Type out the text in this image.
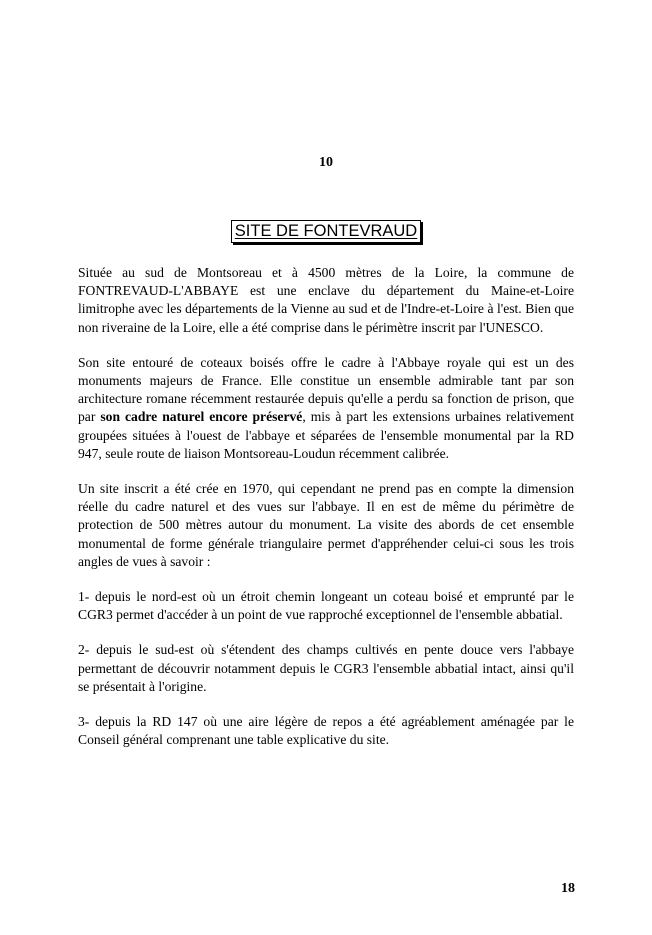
10
SITE DE FONTEVRAUD

Située au sud de Montsoreau et à 4500 mètres de la Loire, la commune de FONTREVAUD-L'ABBAYE est une enclave du département du Maine-et-Loire limitrophe avec les départements de la Vienne au sud et de l'Indre-et-Loire à l'est. Bien que non riveraine de la Loire, elle a été comprise dans le périmètre inscrit par l'UNESCO.

Son site entouré de coteaux boisés offre le cadre à l'Abbaye royale qui est un des monuments majeurs de France. Elle constitue un ensemble admirable tant par son architecture romane récemment restaurée depuis qu'elle a perdu sa fonction de prison, que par son cadre naturel encore préservé, mis à part les extensions urbaines relativement groupées situées à l'ouest de l'abbaye et séparées de l'ensemble monumental par la RD 947, seule route de liaison Montsoreau-Loudun récemment calibrée.

Un site inscrit a été crée en 1970, qui cependant ne prend pas en compte la dimension réelle du cadre naturel et des vues sur l'abbaye. Il en est de même du périmètre de protection de 500 mètres autour du monument. La visite des abords de cet ensemble monumental de forme générale triangulaire permet d'appréhender celui-ci sous les trois angles de vues à savoir :

1- depuis le nord-est où un étroit chemin longeant un coteau boisé et emprunté par le CGR3 permet d'accéder à un point de vue rapproché exceptionnel de l'ensemble abbatial.

2- depuis le sud-est où s'étendent des champs cultivés en pente douce vers l'abbaye permettant de découvrir notamment depuis le CGR3 l'ensemble abbatial intact, ainsi qu'il se présentait à l'origine.

3- depuis la RD 147 où une aire légère de repos a été agréablement aménagée par le Conseil général comprenant une table explicative du site.

18
